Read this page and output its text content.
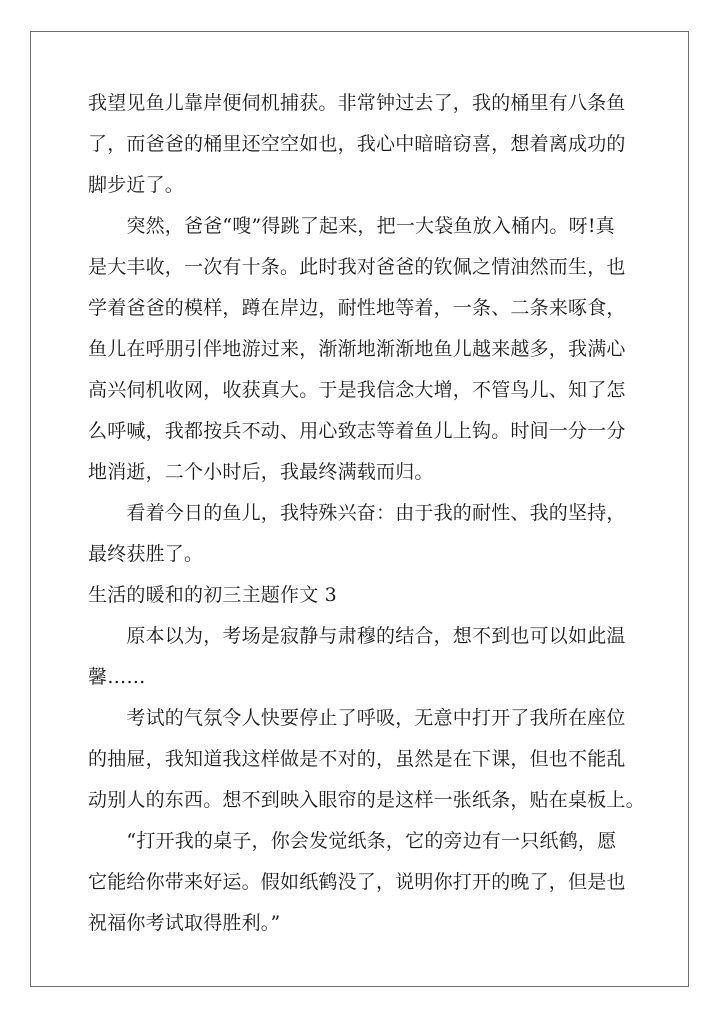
我望见鱼儿靠岸便伺机捕获。非常钟过去了，我的桶里有八条鱼
了，而爸爸的桶里还空空如也，我心中暗暗窃喜，想着离成功的
脚步近了。
　　突然，爸爸“嗖”得跳了起来，把一大袋鱼放入桶内。呀!真
是大丰收，一次有十条。此时我对爸爸的钦佩之情油然而生，也
学着爸爸的模样，蹲在岸边，耐性地等着，一条、二条来啄食，
鱼儿在呼朋引伴地游过来，渐渐地渐渐地鱼儿越来越多，我满心
高兴伺机收网，收获真大。于是我信念大增，不管鸟儿、知了怎
么呼喊，我都按兵不动、用心致志等着鱼儿上钩。时间一分一分
地消逝，二个小时后，我最终满载而归。
　　看着今日的鱼儿，我特殊兴奋：由于我的耐性、我的坚持，
最终获胜了。
生活的暖和的初三主题作文 3
　　原本以为，考场是寂静与肃穆的结合，想不到也可以如此温
馨……
　　考试的气氛令人快要停止了呼吸，无意中打开了我所在座位
的抽屉，我知道我这样做是不对的，虽然是在下课，但也不能乱
动别人的东西。想不到映入眼帘的是这样一张纸条，贴在桌板上。
　　“打开我的桌子，你会发觉纸条，它的旁边有一只纸鹤，愿
它能给你带来好运。假如纸鹤没了，说明你打开的晚了，但是也
祝福你考试取得胜利。”
